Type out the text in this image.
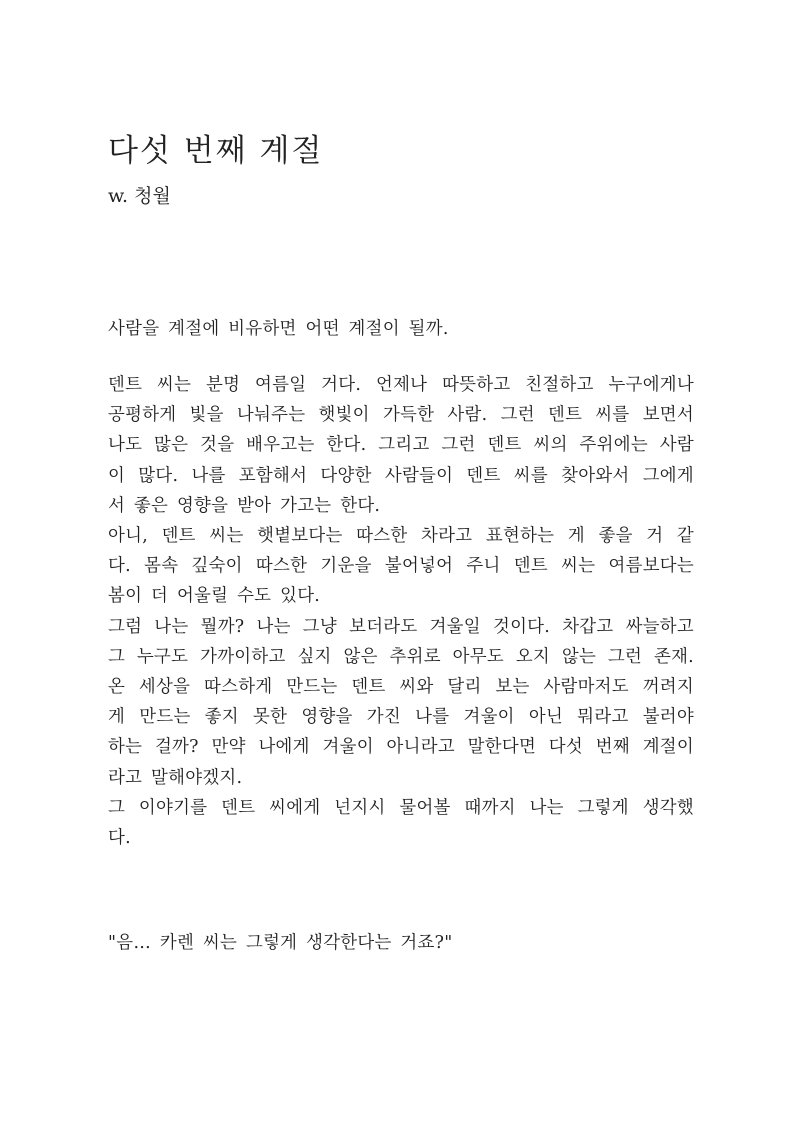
다섯 번째 계절
w. 청월
사람을 계절에 비유하면 어떤 계절이 될까.
덴트 씨는 분명 여름일 거다. 언제나 따뜻하고 친절하고 누구에게나
공평하게 빛을 나눠주는 햇빛이 가득한 사람. 그런 덴트 씨를 보면서
나도 많은 것을 배우고는 한다. 그리고 그런 덴트 씨의 주위에는 사람
이 많다. 나를 포함해서 다양한 사람들이 덴트 씨를 찾아와서 그에게
서 좋은 영향을 받아 가고는 한다.
아니, 덴트 씨는 햇볕보다는 따스한 차라고 표현하는 게 좋을 거 같
다. 몸속 깊숙이 따스한 기운을 불어넣어 주니 덴트 씨는 여름보다는
봄이 더 어울릴 수도 있다.
그럼 나는 뭘까? 나는 그냥 보더라도 겨울일 것이다. 차갑고 싸늘하고
그 누구도 가까이하고 싶지 않은 추위로 아무도 오지 않는 그런 존재.
온 세상을 따스하게 만드는 덴트 씨와 달리 보는 사람마저도 꺼려지
게 만드는 좋지 못한 영향을 가진 나를 겨울이 아닌 뭐라고 불러야
하는 걸까? 만약 나에게 겨울이 아니라고 말한다면 다섯 번째 계절이
라고 말해야겠지.
그 이야기를 덴트 씨에게 넌지시 물어볼 때까지 나는 그렇게 생각했
다.
"음… 카렌 씨는 그렇게 생각한다는 거죠?"
